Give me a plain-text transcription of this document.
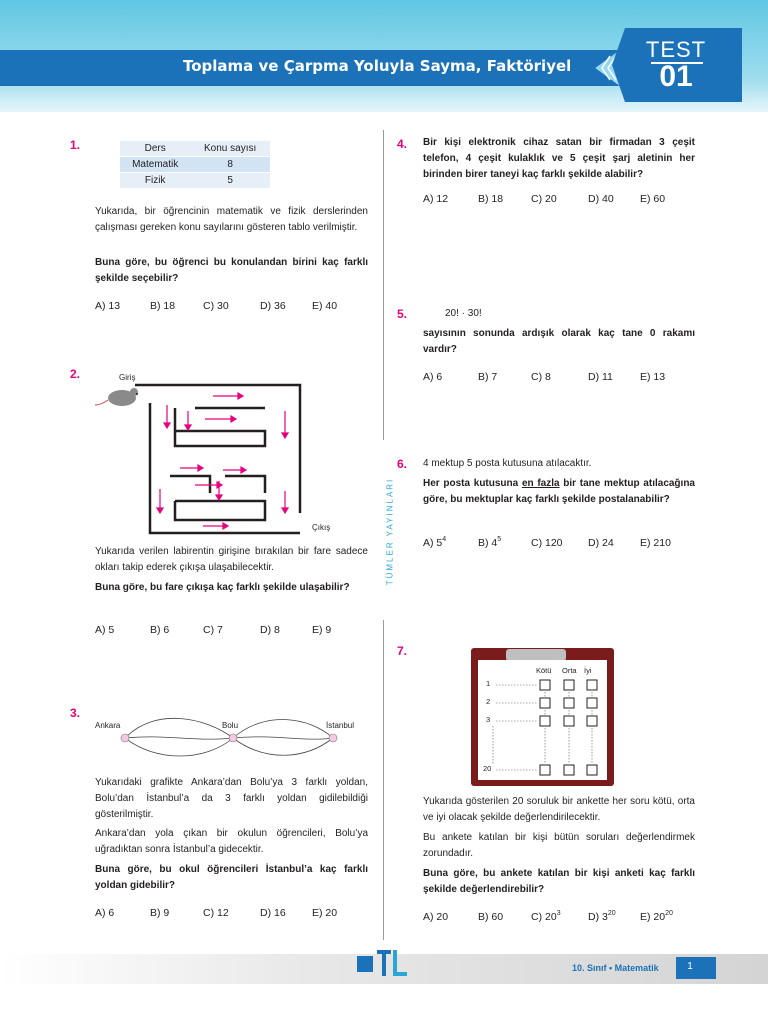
Toplama ve Çarpma Yoluyla Sayma, Faktöriyel
TEST
01
TÜMLER YAYINLARI
1.	Ders	Konu sayısı
Matematik	8
Fizik	5
Yukarıda, bir öğrencinin matematik ve fizik derslerinden çalışması gereken konu sayılarını gösteren tablo verilmiştir.
Buna göre, bu öğrenci bu konulandan birini kaç farklı şekilde seçebilir?
A) 13	B) 18	C) 30	D) 36	E) 40
2.	Giriş
Çıkış
Yukarıda verilen labirentin girişine bırakılan bir fare sadece okları takip ederek çıkışa ulaşabilecektir.
Buna göre, bu fare çıkışa kaç farklı şekilde ulaşabilir?
A) 5	B) 6	C) 7	D) 8	E) 9
3.
Ankara	Bolu	İstanbul
Yukarıdaki grafikte Ankara’dan Bolu’ya 3 farklı yoldan, Bolu’dan İstanbul’a da 3 farklı yoldan gidilebildiği gösterilmiştir.
Ankara’dan yola çıkan bir okulun öğrencileri, Bolu’ya uğradıktan sonra İstanbul’a gidecektir.
Buna göre, bu okul öğrencileri İstanbul’a kaç farklı yoldan gidebilir?
A) 6	B) 9	C) 12	D) 16	E) 20
4. Bir kişi elektronik cihaz satan bir firmadan 3 çeşit telefon, 4 çeşit kulaklık ve 5 çeşit şarj aletinin her birinden birer taneyi kaç farklı şekilde alabilir?
A) 12	B) 18	C) 20	D) 40	E) 60
5.	20! · 30!
sayısının sonunda ardışık olarak kaç tane 0 rakamı vardır?
A) 6	B) 7	C) 8	D) 11	E) 13
6. 4 mektup 5 posta kutusuna atılacaktır.
Her posta kutusuna en fazla bir tane mektup atılacağına göre, bu mektuplar kaç farklı şekilde postalanabilir?
A) $5^4$	B) $4^5$	C) 120 D) 24	E) 210
7.
Kötü Orta İyi
1
2
3
20
Yukarıda gösterilen 20 soruluk bir ankette her soru kötü, orta ve iyi olacak şekilde değerlendirilecektir.
Bu ankete katılan bir kişi bütün soruları değerlendirmek zorundadır.
Buna göre, bu ankete katılan bir kişi anketi kaç farklı şekilde değerlendirebilir?
A) 20	B) 60	C) $20^3$	D) $3^{20}$ E) $20^{20}$
10. Sınıf • Matematik	1
